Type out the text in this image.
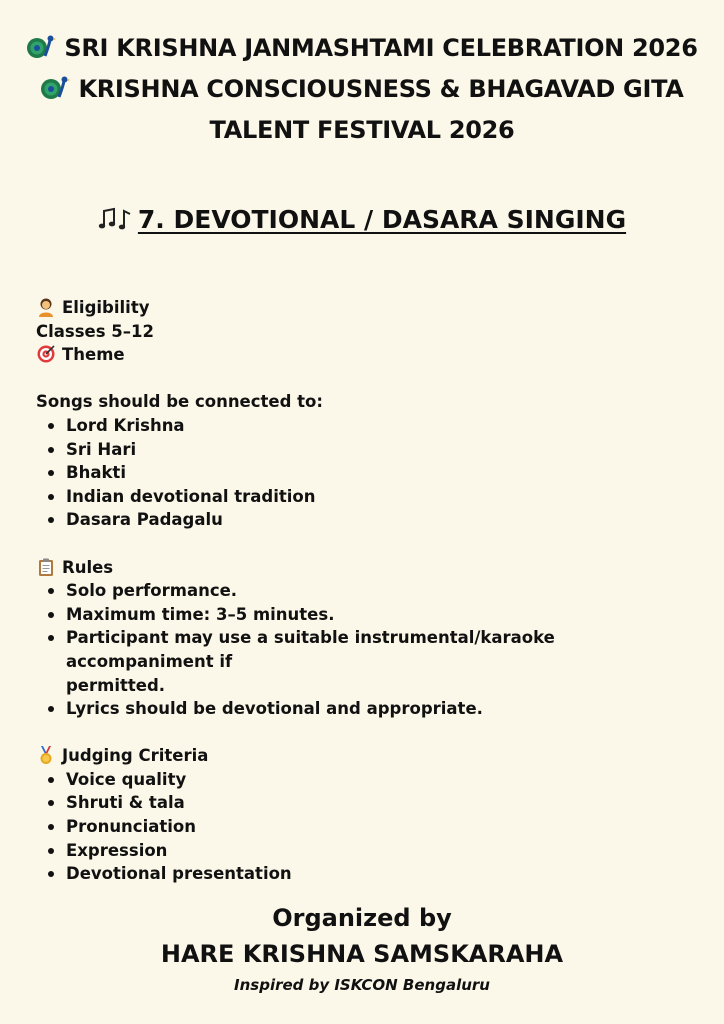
SRI KRISHNA JANMASHTAMI CELEBRATION 2026
KRISHNA CONSCIOUSNESS & BHAGAVAD GITA
TALENT FESTIVAL 2026
7. DEVOTIONAL / DASARA SINGING
Eligibility
Classes 5–12
Theme
Songs should be connected to:
Lord Krishna
Sri Hari
Bhakti
Indian devotional tradition
Dasara Padagalu
Rules
Solo performance.
Maximum time: 3–5 minutes.
Participant may use a suitable instrumental/karaoke accompaniment if
permitted.
Lyrics should be devotional and appropriate.
Judging Criteria
Voice quality
Shruti & tala
Pronunciation
Expression
Devotional presentation
Organized by
HARE KRISHNA SAMSKARAHA
Inspired by ISKCON Bengaluru
